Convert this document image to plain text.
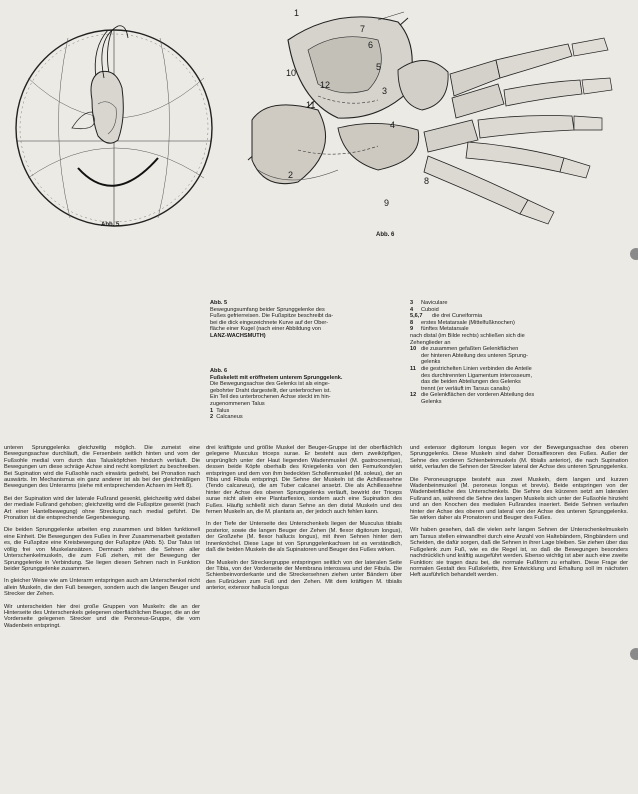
Abb. 5
Abb. 6
1
2
3
4
5
6
7
8
9
10
11
12
Abb. 5
Bewegungsumfang beider Sprunggelenke des
Fußes gefrierreisen. Die Fußspitze beschreibt da-
bei die dick eingezeichnete Kurve auf der Ober-
fläche einer Kugel (nach einer Abbildung von
LANZ-WACHSMUTH)
Abb. 6
Fußskelett mit eröffnetem unterem Sprunggelenk.
Die Bewegungsachse des Gelenks ist als einge-
gebohrter Draht dargestellt, der unterbrochen ist.
Ein Teil des unterbrochenen Achse steckt im hin-
zugenommenen Talus
1 Talus
2 Calcaneus
3	Naviculare
4	Cuboid
5,6,7	die drei Cuneiformia
8	erstes Metatarsale (Mittelfußknochen)
9	fünftes Metatarsale
nach distal (im Bilde rechts) schließen sich die
Zehenglieder an
10 die zusammen gefaßten Gelenkflächen
der hinteren Abteilung des unteren Sprung-
gelenks
11 die gestrichelten Linien verbinden die Anteile
des durchtrennten Ligamentum interosseum,
das die beiden Abteilungen des Gelenks
trennt (er verläuft im Tarsus canalis)
12 die Gelenkflächen der vorderen Abteilung des
Gelenks

unteren Sprunggelenks gleichzeitig möglich. Die zumeist eine Bewegungsachse durchläuft, die Fersenbein seitlich hinten und vorn der Fußsohle medial vorn durch das Talusköpfchen hindurch verläuft. Die Bewegungen um diese schräge Achse sind recht kompliziert zu beschreiben. Bei Supination wird die Fußsohle nach einwärts gedreht, bei Pronation nach auswärts. Im Mechanismus ein ganz anderer ist als bei der gleichmäßigen Bewegungen des Unterarms (siehe mit entsprechenden Achsen im Heft 8).

Bei der Supination wird der laterale Fußrand gesenkt, gleichzeitig wird dabei der mediale Fußrand gehoben; gleichzeitig wird die Fußspitze gesenkt (nach Art einer Hantelbewegung) ohne Streckung nach medial geführt. Die Pronation ist die entsprechende Gegenbewegung.

Die beiden Sprunggelenke arbeiten eng zusammen und bilden funktionell eine Einheit. Die Bewegungen des Fußes in ihrer Zusammenarbeit gestatten es, die Fußspitze eine Kreisbewegung der Fußspitze (Abb. 5). Dar Talus ist völlig frei von Muskelansätzen. Demnach stehen die Sehnen aller Unterschenkelmuskeln, die zum Fuß ziehen, mit der Bewegung der Sprunggelenke in Verbindung. Sie liegen diesen Sehnen nach in Funktion beider Sprunggelenke zusammen.

In gleicher Weise wie am Unterarm entspringen auch am Unterschenkel nicht allein Muskeln, die den Fuß bewegen, sondern auch die langen Beuger und Strecker der Zehen.

Wir unterscheiden hier drei große Gruppen von Muskeln: die an der Hinterseite des Unterschenkels gelegenen oberflächlichen Beuger, die an der Vorderseite gelegenen Strecker und die Peroneus-Gruppe, die vom Wadenbein entspringt.

drei kräftigste und größte Muskel der Beuger-Gruppe ist der oberflächlich gelegene Musculus triceps surae. Er besteht aus dem zweiköpfigen, ursprünglich unter der Haut liegenden Wadenmuskel (M. gastrocnemius), dessen beide Köpfe oberhalb des Kniegelenks von den Femurkondylen entspringen und dem von ihm bedeckten Schollenmuskel (M. soleus), der an Tibia und Fibula entspringt. Die Sehne der Muskeln ist die Achillessehne (Tendo calcaneus), die am Tuber calcanei ansetzt. Die als Achillessehne hinter der Achse des oberen Sprunggelenks verläuft, bewirkt der Triceps surae nicht allein eine Plantarflexion, sondern auch eine Supination des Fußes. Häufig schließt sich daran Sehne an den distal Muskeln und des fernen Muskeln an, die M. plantaris an, der jedoch auch fehlen kann.

In der Tiefe der Unterseite des Unterschenkels liegen der Musculus tibialis posterior, sowie die langen Beuger der Zehen (M. flexor digitorum longus), der Großzehe (M. flexor hallucis longus), mit ihren Sehnen hinter dem Innenknöchel. Diese Lage ist von Sprunggelenkachsen ist es verständlich, daß die beiden Muskeln die als Supinatoren und Beuger des Fußes wirken.

Die Muskeln der Streckergruppe entspringen seitlich von der lateralen Seite der Tibia, von der Vorderseite der Membrana interossea und der Fibula. Die Schienbeinvorderkante und die Streckersehnen ziehen unter Bändern über den Fußrücken zum Fuß und den Zehen. Mit dem kräftigen M. tibialis anterior, extensor hallucis longus

und extensor digitorum longus liegen vor der Bewegungsachse des oberen Sprunggelenks. Diese Muskeln sind daher Dorsalflexoren des Fußes. Außer der Sehne des vorderen Schienbeinmuskels (M. tibialis anterior), die nach Supination wirkt, verlaufen die Sehnen der Strecker lateral der Achse des unteren Sprunggelenks.

Die Peroneusgruppe besteht aus zwei Muskeln, dem langen und kurzen Wadenbeinmuskel (M. peroneus longus et brevis). Beide entspringen von der Wadenbeinfläche des Unterschenkels. Die Sehne des kürzeren setzt am lateralen Fußrand an, während die Sehne des langen Muskels sich unter der Fußsohle hinzieht und an den Knochen des medialen Fußrandes inseriert. Beide Sehnen verlaufen hinter der Achse des oberen und lateral von der Achse des unteren Sprunggelenks. Sie wirken daher als Pronatoren und Beuger des Fußes.

Wir haben gesehen, daß die vielen sehr langen Sehnen der Unterschenkelmuskeln am Tarsus stellen einwandfrei durch eine Anzahl von Haltebändern, Ringbändern und Scheiden, die dafür sorgen, daß die Sehnen in ihrer Lage bleiben. Sie ziehen über das Fußgelenk zum Fuß, wie es die Regel ist, so daß die Bewegungen besonders nachdrücklich und kräftig ausgeführt werden. Ebenso wichtig ist aber auch eine zweite Funktion: sie tragen dazu bei, die normale Fußform zu erhalten. Diese Frage der normalen Gestalt des Fußskeletts, ihre Entwicklung und Erhaltung soll im nächsten Heft ausführlich behandelt werden.
